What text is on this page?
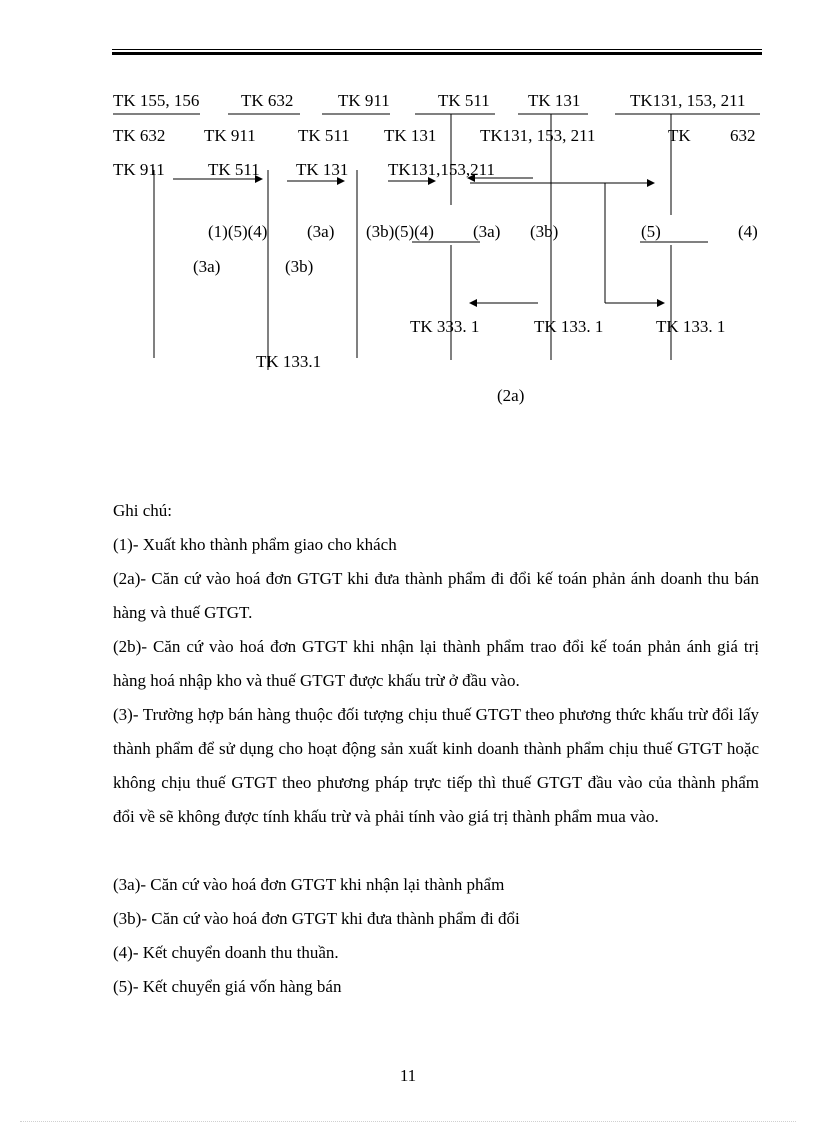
TK 155, 156 TK 632	TK 911	TK 511 TK 131	TK131, 153, 211
TK 632 TK 911 TK 511 TK 131	TK131, 153, 211	TK 632
TK 911	TK 511 TK 131 TK131,153,211
(1)(5)(4) (3a) (3b)(5)(4) (3a) (3b)	(5)	(4)
(3a)	(3b)
TK 333. 1	TK 133. 1	TK 133. 1
TK 133.1
(2a)
Ghi chú:
(1)- Xuất kho thành phẩm giao cho khách
(2a)- Căn cứ vào hoá đơn GTGT khi đưa thành phẩm đi đổi kế toán phản ánh doanh thu bán hàng và thuế GTGT.
(2b)- Căn cứ vào hoá đơn GTGT khi nhận lại thành phẩm trao đổi kế toán phản ánh giá trị hàng hoá nhập kho và thuế GTGT được khấu trừ ở đầu vào.
(3)- Trường hợp bán hàng thuộc đối tượng chịu thuế GTGT theo phương thức khấu trừ đổi lấy thành phẩm để sử dụng cho hoạt động sản xuất kinh doanh thành phẩm chịu thuế GTGT hoặc không chịu thuế GTGT theo phương pháp trực tiếp thì thuế GTGT đầu vào của thành phẩm đổi về sẽ không được tính khấu trừ và phải tính vào giá trị thành phẩm mua vào.
(3a)- Căn cứ vào hoá đơn GTGT khi nhận lại thành phẩm
(3b)- Căn cứ vào hoá đơn GTGT khi đưa thành phẩm đi đổi
(4)- Kết chuyển doanh thu thuần.
(5)- Kết chuyển giá vốn hàng bán
11
